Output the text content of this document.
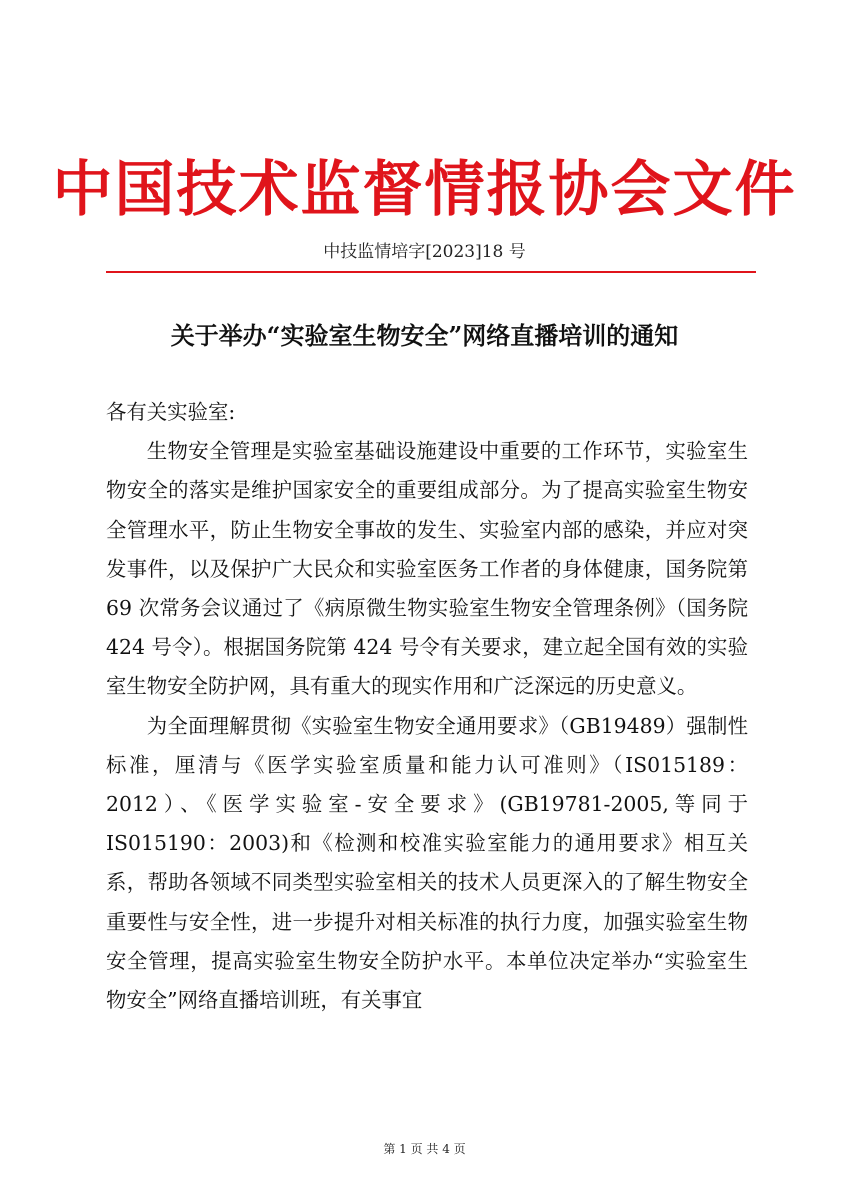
中国技术监督情报协会文件
中技监情培字[2023]18 号
关于举办“实验室生物安全”网络直播培训的通知

各有关实验室:

生物安全管理是实验室基础设施建设中重要的工作环节，实验室生物安全的落实是维护国家安全的重要组成部分。为了提高实验室生物安全管理水平，防止生物安全事故的发生、实验室内部的感染，并应对突发事件，以及保护广大民众和实验室医务工作者的身体健康，国务院第 69 次常务会议通过了《病原微生物实验室生物安全管理条例》（国务院 424 号令）。根据国务院第 424 号令有关要求，建立起全国有效的实验室生物安全防护网，具有重大的现实作用和广泛深远的历史意义。

为全面理解贯彻《实验室生物安全通用要求》（GB19489）强制性标准，厘清与《医学实验室质量和能力认可准则》（IS015189：2012）、《医学实验室-安全要求》(GB19781-2005,等同于 IS015190：2003)和《检测和校准实验室能力的通用要求》相互关系，帮助各领域不同类型实验室相关的技术人员更深入的了解生物安全重要性与安全性，进一步提升对相关标准的执行力度，加强实验室生物安全管理，提高实验室生物安全防护水平。本单位决定举办“实验室生物安全”网络直播培训班，有关事宜

第 1 页 共 4 页
